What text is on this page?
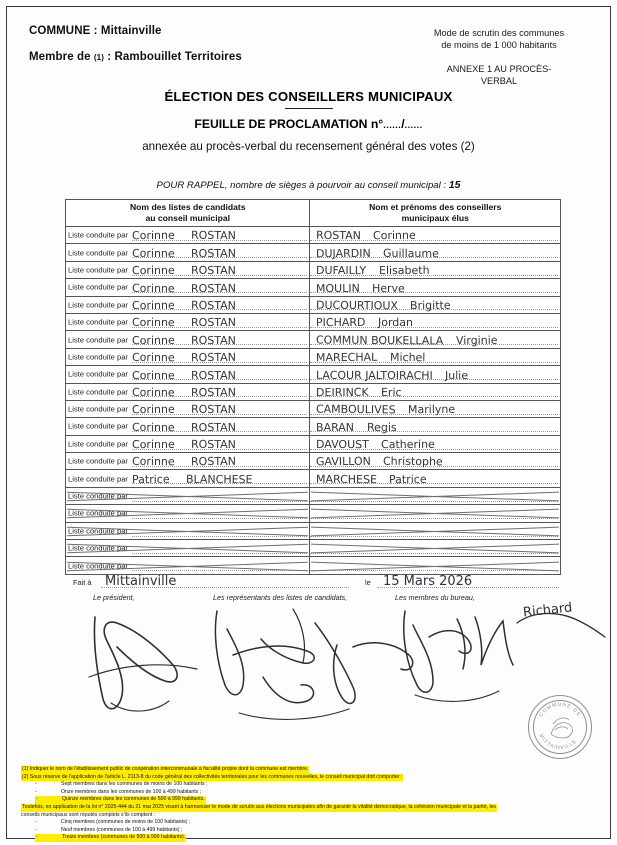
COMMUNE : Mittainville
Membre de (1) : Rambouillet Territoires
Mode de scrutin des communes
de moins de 1 000 habitants
ANNEXE 1 AU PROCÈS-
VERBAL
ÉLECTION DES CONSEILLERS MUNICIPAUX
FEUILLE DE PROCLAMATION n°....../......
annexée au procès-verbal du recensement général des votes (2)
POUR RAPPEL, nombre de sièges à pourvoir au conseil municipal : 15
Nom des listes de candidats
au conseil municipal

Nom et prénoms des conseillers
municipaux élus

Liste conduite par Corinne ROSTAN	ROSTAN Corinne

Liste conduite par Corinne ROSTAN	DUJARDIN Guillaume

Liste conduite par Corinne ROSTAN	DUFAILLY Elisabeth

Liste conduite par Corinne ROSTAN	MOULIN Herve

Liste conduite par Corinne ROSTAN	DUCOURTIOUX Brigitte

Liste conduite par Corinne ROSTAN	PICHARD Jordan

Liste conduite par Corinne ROSTAN	COMMUN BOUKELLALA Virginie

Liste conduite par Corinne ROSTAN	MARECHAL Michel

Liste conduite par Corinne ROSTAN	LACOUR JALTOIRACHI Julie

Liste conduite par Corinne ROSTAN	DEIRINCK Eric

Liste conduite par Corinne ROSTAN	CAMBOULIVES Marilyne

Liste conduite par Corinne ROSTAN	BARAN Regis

Liste conduite par Corinne ROSTAN	DAVOUST Catherine

Liste conduite par Corinne ROSTAN	GAVILLON Christophe

Liste conduite par Patrice BLANCHESE	MARCHESE Patrice

Liste conduite par	

Liste conduite par	

Liste conduite par	

Liste conduite par	

Liste conduite par	

Fait à Mittainville	le 15 Mars 2026
Le président,	Les représentants des listes de candidats,	Les membres du bureau,
Richard
COMMUNE DE
MITTAINVILLE
(1) Indiquer le nom de l'établissement public de coopération intercommunale à fiscalité propre dont la commune est membre.
(2) Sous réserve de l'application de l'article L. 2113-8 du code général des collectivités territoriales pour les communes nouvelles, le conseil municipal doit comporter :
-	Sept membres dans les communes de moins de 100 habitants ;
-	Onze membres dans les communes de 100 à 499 habitants ;
-	Quinze membres dans les communes de 500 à 999 habitants.
Toutefois, en application de la loi n° 2025-444 du 21 mai 2025 visant à harmoniser le mode de scrutin aux élections municipales afin de garantir la vitalité démocratique, la cohésion municipale et la parité, les
conseils municipaux sont réputés complets s'ils comptent :
-	Cinq membres (communes de moins de 100 habitants) ;
-	Neuf membres (communes de 100 à 499 habitants) ;
-	Treize membres (communes de 500 à 999 habitants).
